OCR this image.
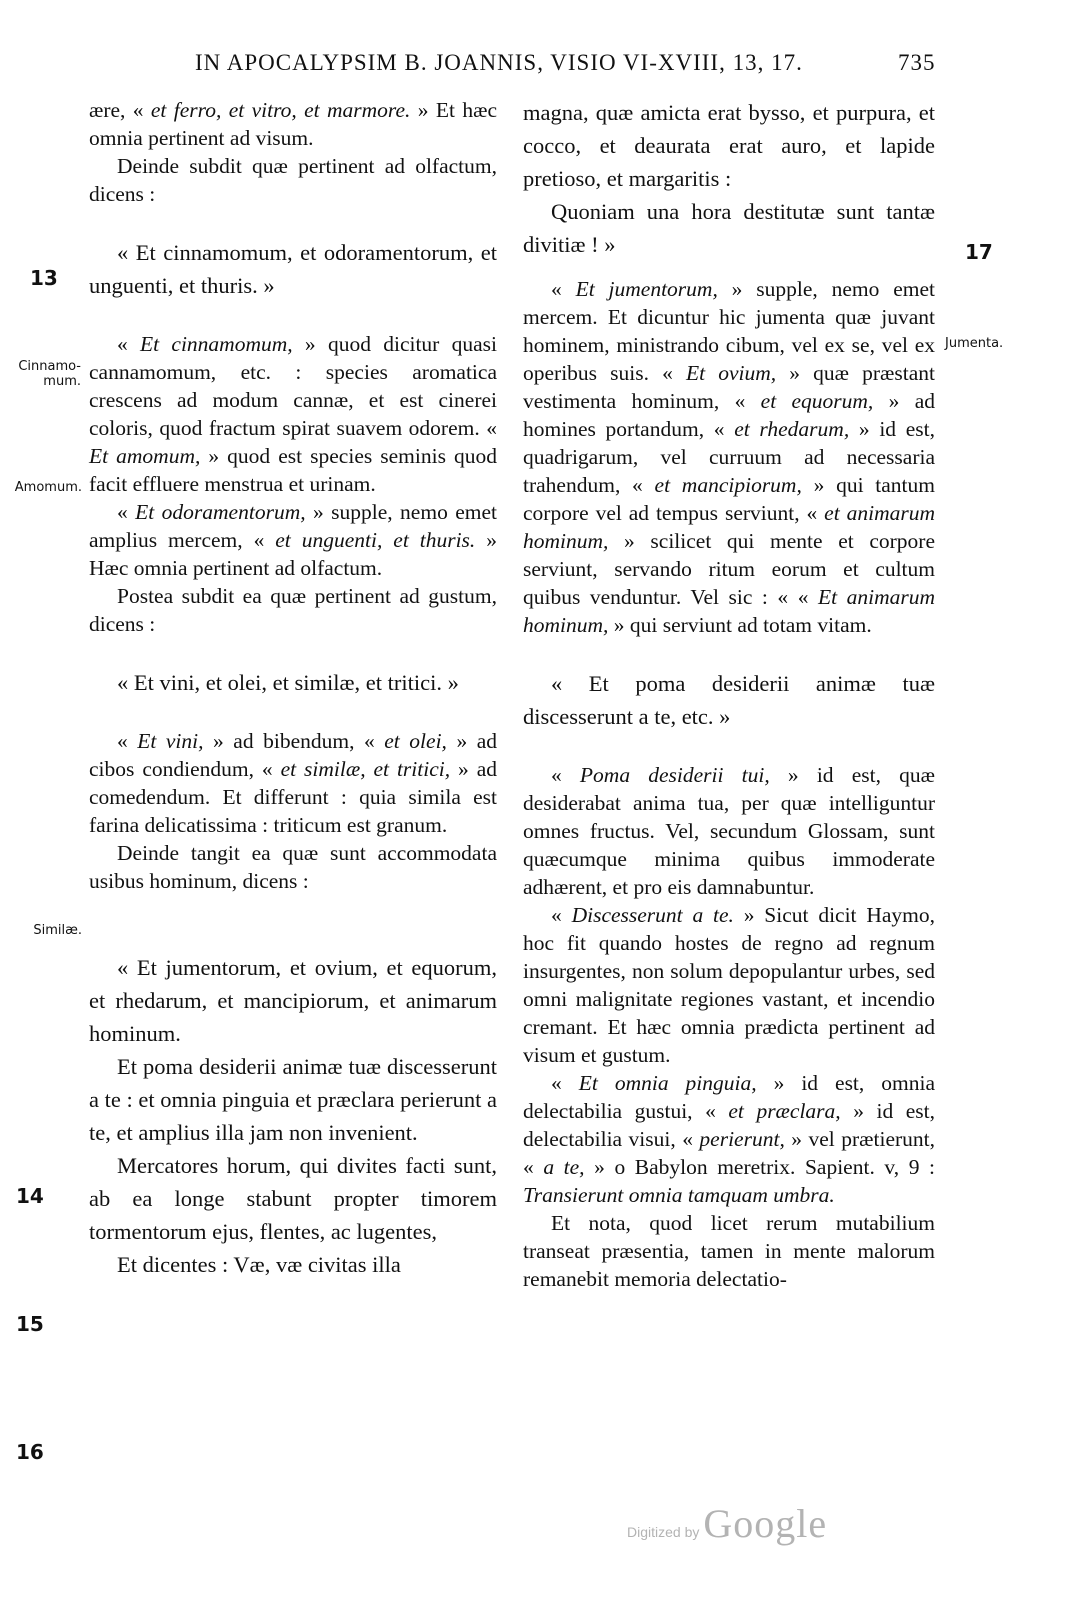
IN APOCALYPSIM B. JOANNIS, VISIO VI-XVIII, 13, 17.	735
13
14
15
16
17
Cinnamo-mum.
Amomum.
Similæ.
Jumenta.

ære, « et ferro, et vitro, et marmore. » Et hæc omnia pertinent ad visum.

Deinde subdit quæ pertinent ad olfactum, dicens :

« Et cinnamomum, et odoramentorum, et unguenti, et thuris. »

« Et cinnamomum, » quod dicitur quasi cannamomum, etc. : species aromatica crescens ad modum cannæ, et est cinerei coloris, quod fractum spirat suavem odorem. « Et amomum, » quod est species seminis quod facit effluere menstrua et urinam.

« Et odoramentorum, » supple, nemo emet amplius mercem, « et unguenti, et thuris. » Hæc omnia pertinent ad olfactum.

Postea subdit ea quæ pertinent ad gustum, dicens :

« Et vini, et olei, et similæ, et tritici. »

« Et vini, » ad bibendum, « et olei, » ad cibos condiendum, « et similæ, et tritici, » ad comedendum. Et differunt : quia simila est farina delicatissima : triticum est granum.

Deinde tangit ea quæ sunt accommodata usibus hominum, dicens :

« Et jumentorum, et ovium, et equorum, et rhedarum, et mancipiorum, et animarum hominum.

Et poma desiderii animæ tuæ discesserunt a te : et omnia pinguia et præclara perierunt a te, et amplius illa jam non invenient.

Mercatores horum, qui divites facti sunt, ab ea longe stabunt propter timorem tormentorum ejus, flentes, ac lugentes,

Et dicentes : Væ, væ civitas illa

magna, quæ amicta erat bysso, et purpura, et cocco, et deaurata erat auro, et lapide pretioso, et margaritis :

Quoniam una hora destitutæ sunt tantæ divitiæ ! »

« Et jumentorum, » supple, nemo emet mercem. Et dicuntur hic jumenta quæ juvant hominem, ministrando cibum, vel ex se, vel ex operibus suis. « Et ovium, » quæ præstant vestimenta hominum, « et equorum, » ad homines portandum, « et rhedarum, » id est, quadrigarum, vel curruum ad necessaria trahendum, « et mancipiorum, » qui tantum corpore vel ad tempus serviunt, « et animarum hominum, » scilicet qui mente et corpore serviunt, servando ritum eorum et cultum quibus venduntur. Vel sic : « « Et animarum hominum, » qui serviunt ad totam vitam.

« Et poma desiderii animæ tuæ discesserunt a te, etc. »

« Poma desiderii tui, » id est, quæ desiderabat anima tua, per quæ intelliguntur omnes fructus. Vel, secundum Glossam, sunt quæcumque minima quibus immoderate adhærent, et pro eis damnabuntur.

« Discesserunt a te. » Sicut dicit Haymo, hoc fit quando hostes de regno ad regnum insurgentes, non solum depopulantur urbes, sed omni malignitate regiones vastant, et incendio cremant. Et hæc omnia prædicta pertinent ad visum et gustum.

« Et omnia pinguia, » id est, omnia delectabilia gustui, « et præclara, » id est, delectabilia visui, « perierunt, » vel prætierunt, « a te, » o Babylon meretrix. Sapient. v, 9 : Transierunt omnia tamquam umbra.

Et nota, quod licet rerum mutabilium transeat præsentia, tamen in mente malorum remanebit memoria delectatio-

Digitized by Google
